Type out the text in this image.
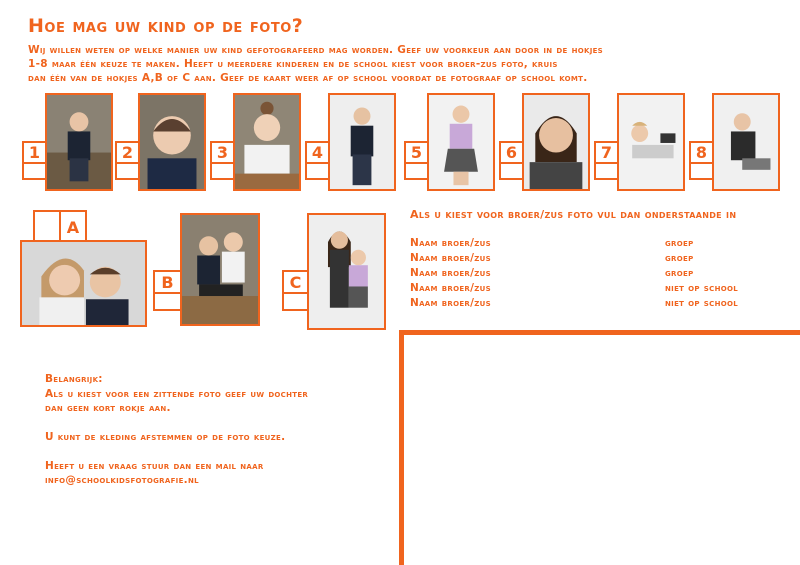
Hoe mag uw kind op de foto?
Wij willen weten op welke manier uw kind gefotografeerd mag worden. Geef uw voorkeur aan door in de hokjes
1-8 maar één keuze te maken. Heeft u meerdere kinderen en de school kiest voor broer-zus foto, kruis
dan één van de hokjes A,B of C aan. Geef de kaart weer af op school voordat de fotograaf op school komt.
1	2	3	4	5	6	7	8
A
B	C
Als u kiest voor broer/zus foto vul dan onderstaande in
Naam broer/zus	groep
Naam broer/zus	groep
Naam broer/zus	groep
Naam broer/zus	niet op school
Naam broer/zus	niet op school
Belangrijk:
Als u kiest voor een zittende foto geef uw dochter
dan geen kort rokje aan.
U kunt de kleding afstemmen op de foto keuze.
Heeft u een vraag stuur dan een mail naar
info@schoolkidsfotografie.nl
